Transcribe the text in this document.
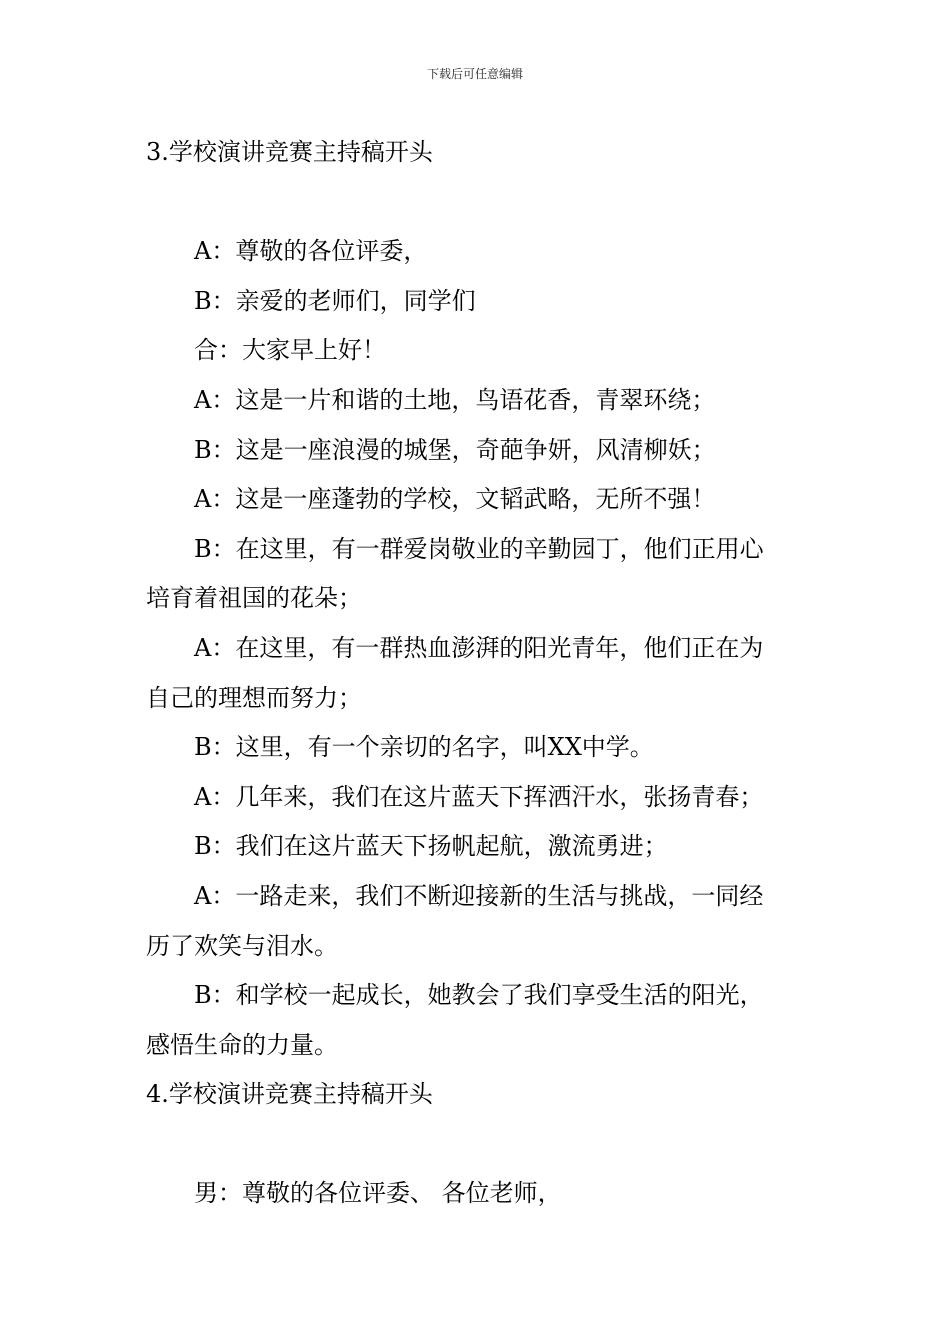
下载后可任意编辑
3.学校演讲竞赛主持稿开头
A：尊敬的各位评委，
B：亲爱的老师们，同学们
合：大家早上好！
A：这是一片和谐的土地，鸟语花香，青翠环绕；
B：这是一座浪漫的城堡，奇葩争妍，风清柳妖；
A：这是一座蓬勃的学校，文韬武略，无所不强！
B：在这里，有一群爱岗敬业的辛勤园丁，他们正用心
培育着祖国的花朵；
A：在这里，有一群热血澎湃的阳光青年，他们正在为
自己的理想而努力；
B：这里，有一个亲切的名字，叫XX中学。
A：几年来，我们在这片蓝天下挥洒汗水，张扬青春；
B：我们在这片蓝天下扬帆起航，激流勇进；
A：一路走来，我们不断迎接新的生活与挑战，一同经
历了欢笑与泪水。
B：和学校一起成长，她教会了我们享受生活的阳光，
感悟生命的力量。
4.学校演讲竞赛主持稿开头
男：尊敬的各位评委、 各位老师，
